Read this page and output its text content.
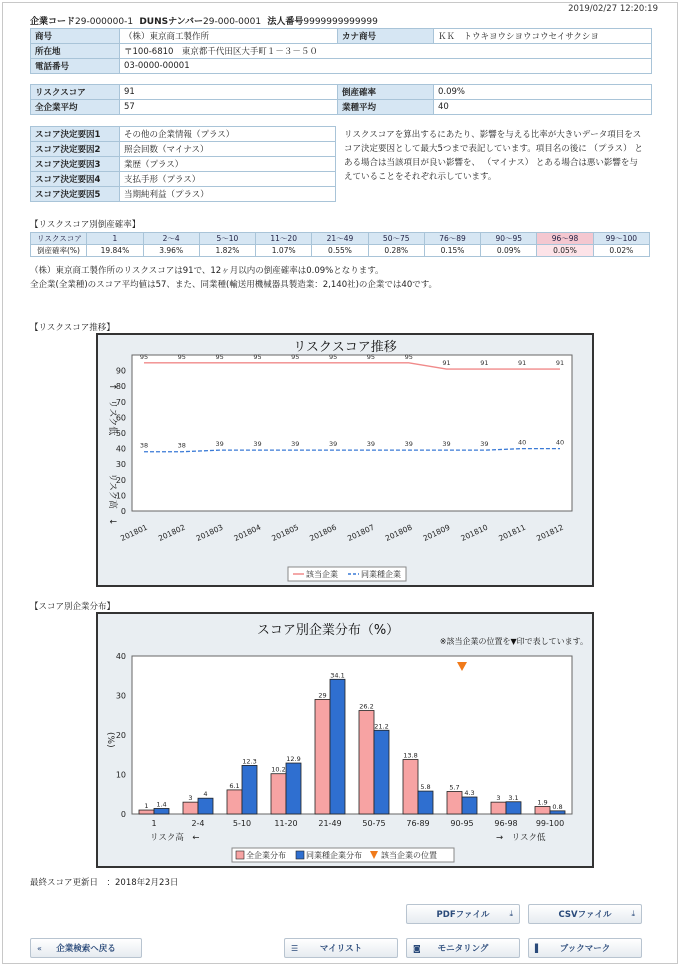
2019/02/27 12:20:19
企業コード29-000000-1 DUNSナンバー29-000-0001 法人番号9999999999999
商号	（株）東京商工製作所	カナ商号	ＫＫ　トウキヨウシヨウコウセイサクシヨ
所在地	〒100-6810　東京都千代田区大手町１－３－５０		
電話番号	03-0000-00001		
リスクスコア	91	倒産確率	0.09%
全企業平均	57	業種平均	40
スコア決定要因1	その他の企業情報（プラス）
スコア決定要因2	照会回数（マイナス）
スコア決定要因3	業歴（プラス）
スコア決定要因4	支払手形（プラス）
スコア決定要因5	当期純利益（プラス）
リスクスコアを算出するにあたり、影響を与える比率が大きいデータ項目をスコア決定要因として最大5つまで表記しています。項目名の後に （プラス） とある場合は当該項目が良い影響を、 （マイナス） とある場合は悪い影響を与えていることをそれぞれ示しています。
【リスクスコア別倒産確率】
リスクスコア	1	2～4	5～10	11～20	21～49	50～75	76～89	90～95	96～98	99～100
倒産確率(%)	19.84%	3.96%	1.82%	1.07%	0.55%	0.28%	0.15%	0.09%	0.05%	0.02%
（株）東京商工製作所のリスクスコアは91で、12ヶ月以内の倒産確率は0.09%となります。
全企業(全業種)のスコア平均値は57、また、同業種(輸送用機械器具製造業：2,140社)の企業では40です。
【リスクスコア推移】
リスクスコア推移
0
10
20
30
40
50
60
70
80
90
↑　リスク低
リスク高　↓
201801 201802 201803 201804 201805 201806 201807 201808 201809 201810 201811 201812
95	95	95	95	95	95	95	95
91	91	91	91
38	38	39	39	39	39	39	39	39	39	40	40
該当企業	同業種企業
【スコア別企業分布】
スコア別企業分布（%）
※該当企業の位置を▼印で表しています。
0
10
20
30
40
(%)
1
1 1.4
2-4
3 4
5-10
6.1
12.3
11-20
10.2
12.9
21-49
29
34.1
50-75
26.2
21.2
76-89
13.8
5.8
90-95
5.7
4.3
96-98
3 3.1
99-100
1.9
0.8
リスク高　←	→　リスク低
全企業分布	同業種企業分布 該当企業の位置
最終スコア更新日　：2018年2月23日
PDFファイル ⤓	CSVファイル ⤓
« 企業検索へ戻る	☰	マイリスト	◙ モニタリング	▌ ブックマーク
